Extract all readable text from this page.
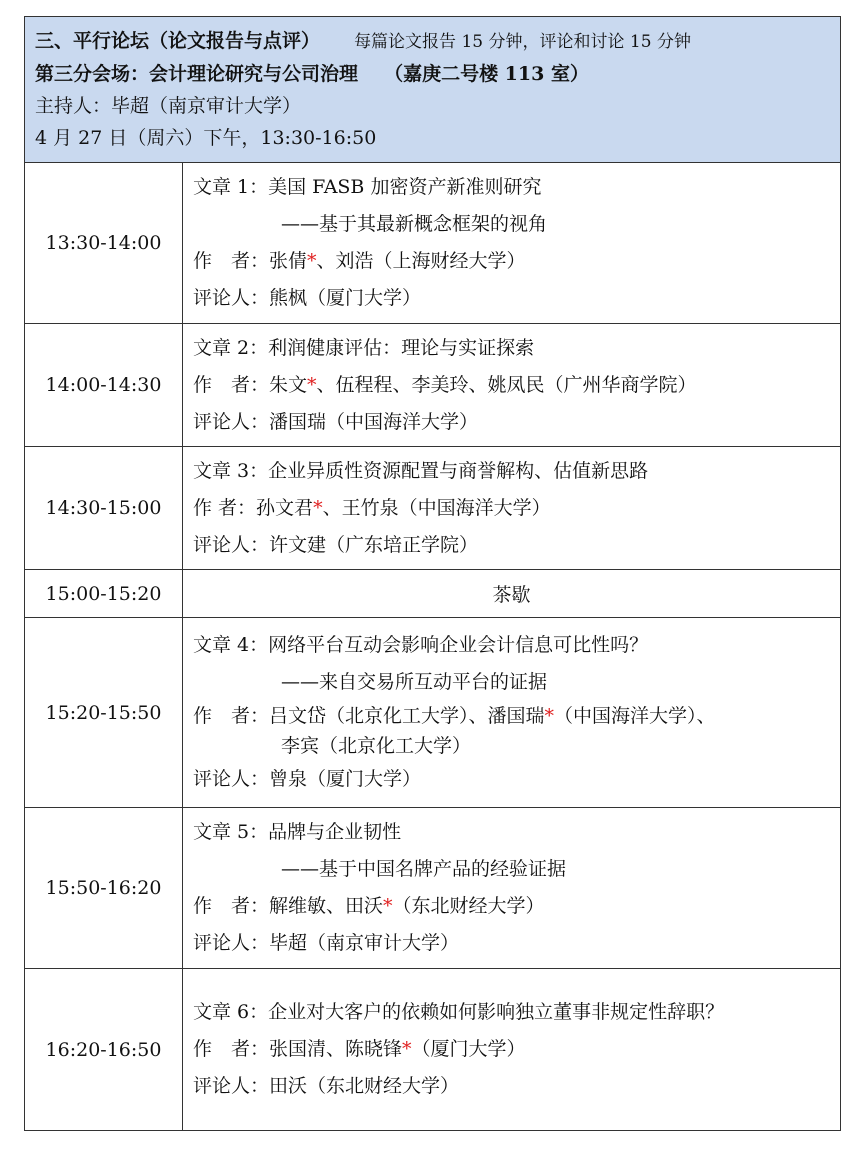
三、平行论坛（论文报告与点评） 每篇论文报告 15 分钟，评论和讨论 15 分钟
第三分会场：会计理论研究与公司治理 （嘉庚二号楼 113 室）
主持人：毕超（南京审计大学）
4 月 27 日（周六）下午，13:30-16:50	

13:30-14:00	文章 1：美国 FASB 加密资产新准则研究
——基于其最新概念框架的视角
作　者：张倩*、刘浩（上海财经大学）
评论人：熊枫（厦门大学）

14:00-14:30	文章 2：利润健康评估：理论与实证探索
作　者：朱文*、伍程程、李美玲、姚凤民（广州华商学院）
评论人：潘国瑞（中国海洋大学）

14:30-15:00	文章 3：企业异质性资源配置与商誉解构、估值新思路
作 者：孙文君*、王竹泉（中国海洋大学）
评论人：许文建（广东培正学院）

15:00-15:20	茶歇
15:20-15:50	文章 4：网络平台互动会影响企业会计信息可比性吗？
——来自交易所互动平台的证据
作　者：吕文岱（北京化工大学）、潘国瑞*（中国海洋大学）、
李宾（北京化工大学）
评论人：曾泉（厦门大学）

15:50-16:20	文章 5：品牌与企业韧性
——基于中国名牌产品的经验证据
作　者：解维敏、田沃*（东北财经大学）
评论人：毕超（南京审计大学）

16:20-16:50	文章 6：企业对大客户的依赖如何影响独立董事非规定性辞职？
作　者：张国清、陈晓锋*（厦门大学）
评论人：田沃（东北财经大学）
